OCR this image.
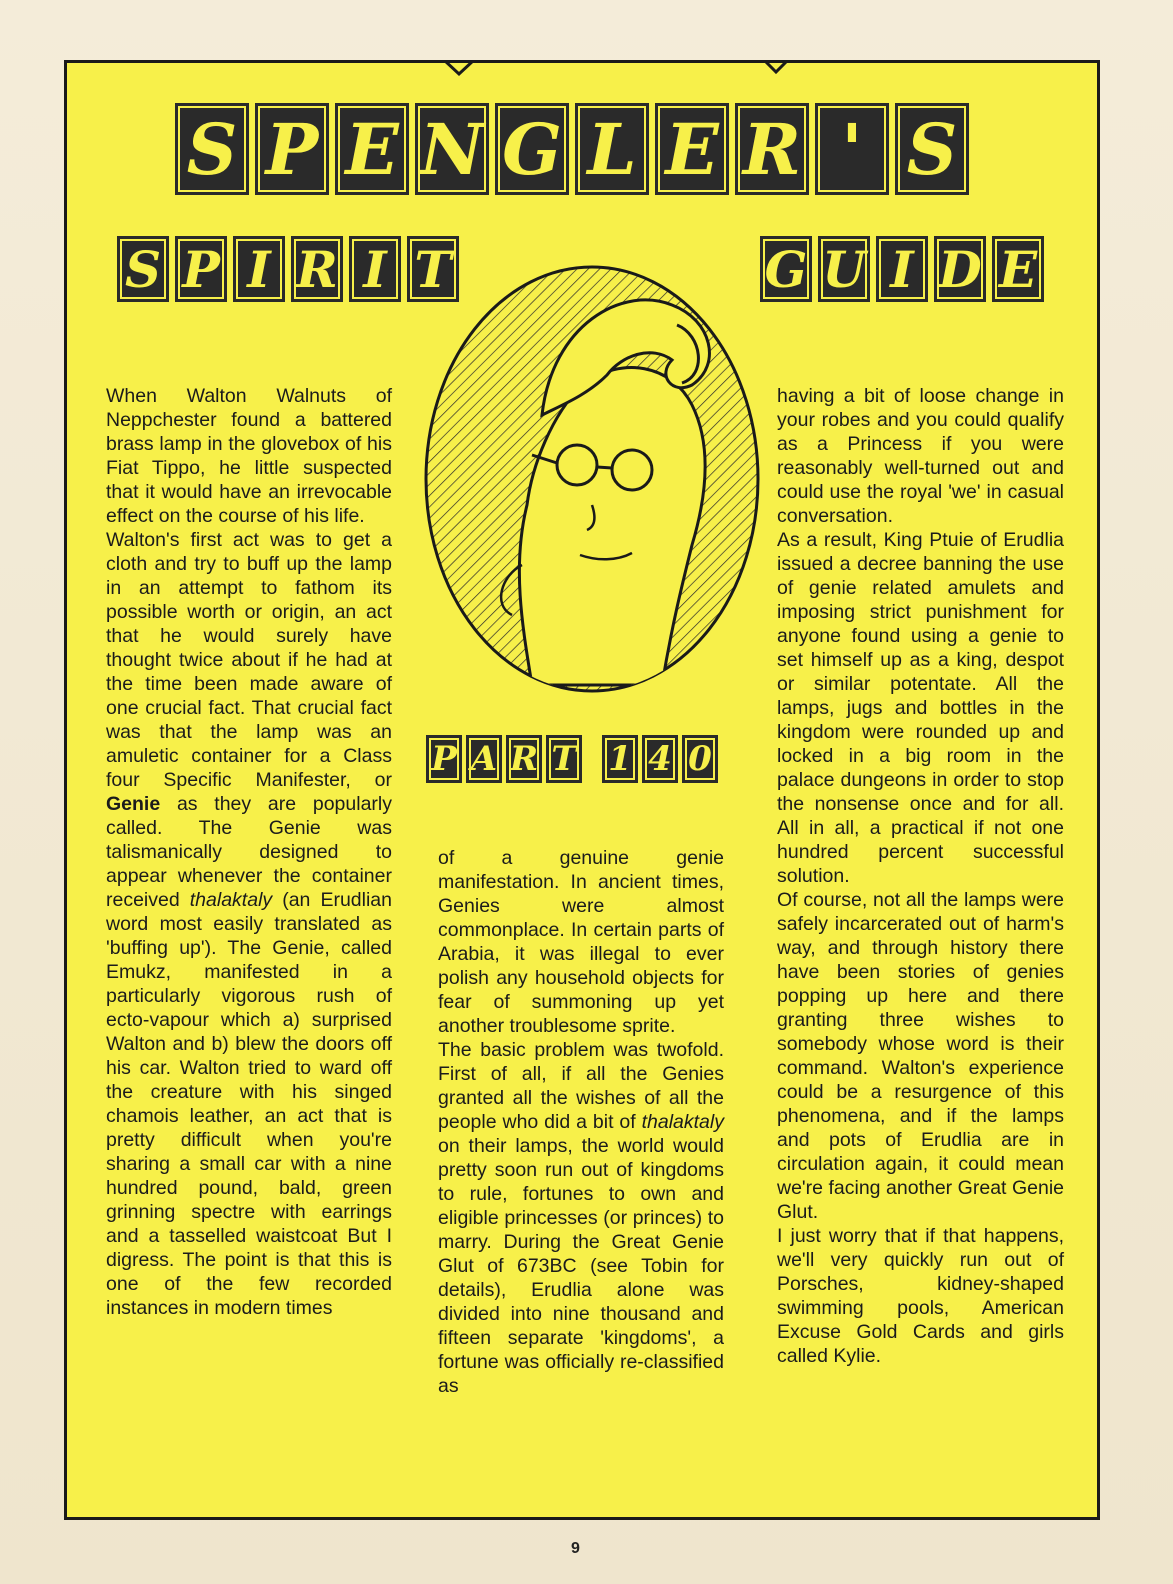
S P E N G L E R ' S
S P I R I T	G U I D E
P A R T 1 4 0

When Walton Walnuts of Neppchester found a battered brass lamp in the glovebox of his Fiat Tippo, he little suspected that it would have an irrevocable effect on the course of his life.

Walton's first act was to get a cloth and try to buff up the lamp in an attempt to fathom its possible worth or origin, an act that he would surely have thought twice about if he had at the time been made aware of one crucial fact. That crucial fact was that the lamp was an amuletic container for a Class four Specific Manifester, or Genie as they are popularly called. The Genie was talismanically designed to appear whenever the container received thalaktaly (an Erudlian word most easily translated as 'buffing up'). The Genie, called Emukz, manifested in a particularly vigorous rush of ecto-vapour which a) surprised Walton and b) blew the doors off his car. Walton tried to ward off the creature with his singed chamois leather, an act that is pretty difficult when you're sharing a small car with a nine hundred pound, bald, green grinning spectre with earrings and a tasselled waistcoat But I digress. The point is that this is one of the few recorded instances in modern times

of a genuine genie manifestation. In ancient times, Genies were almost commonplace. In certain parts of Arabia, it was illegal to ever polish any household objects for fear of summoning up yet another troublesome sprite.

The basic problem was twofold. First of all, if all the Genies granted all the wishes of all the people who did a bit of thalaktaly on their lamps, the world would pretty soon run out of kingdoms to rule, fortunes to own and eligible princesses (or princes) to marry. During the Great Genie Glut of 673BC (see Tobin for details), Erudlia alone was divided into nine thousand and fifteen separate 'kingdoms', a fortune was officially re-classified as

having a bit of loose change in your robes and you could qualify as a Princess if you were reasonably well-turned out and could use the royal 'we' in casual conversation.

As a result, King Ptuie of Erudlia issued a decree banning the use of genie related amulets and imposing strict punishment for anyone found using a genie to set himself up as a king, despot or similar potentate. All the lamps, jugs and bottles in the kingdom were rounded up and locked in a big room in the palace dungeons in order to stop the nonsense once and for all. All in all, a practical if not one hundred percent successful solution.

Of course, not all the lamps were safely incarcerated out of harm's way, and through history there have been stories of genies popping up here and there granting three wishes to somebody whose word is their command. Walton's experience could be a resurgence of this phenomena, and if the lamps and pots of Erudlia are in circulation again, it could mean we're facing another Great Genie Glut.

I just worry that if that happens, we'll very quickly run out of Porsches, kidney-shaped swimming pools, American Excuse Gold Cards and girls called Kylie.

9
